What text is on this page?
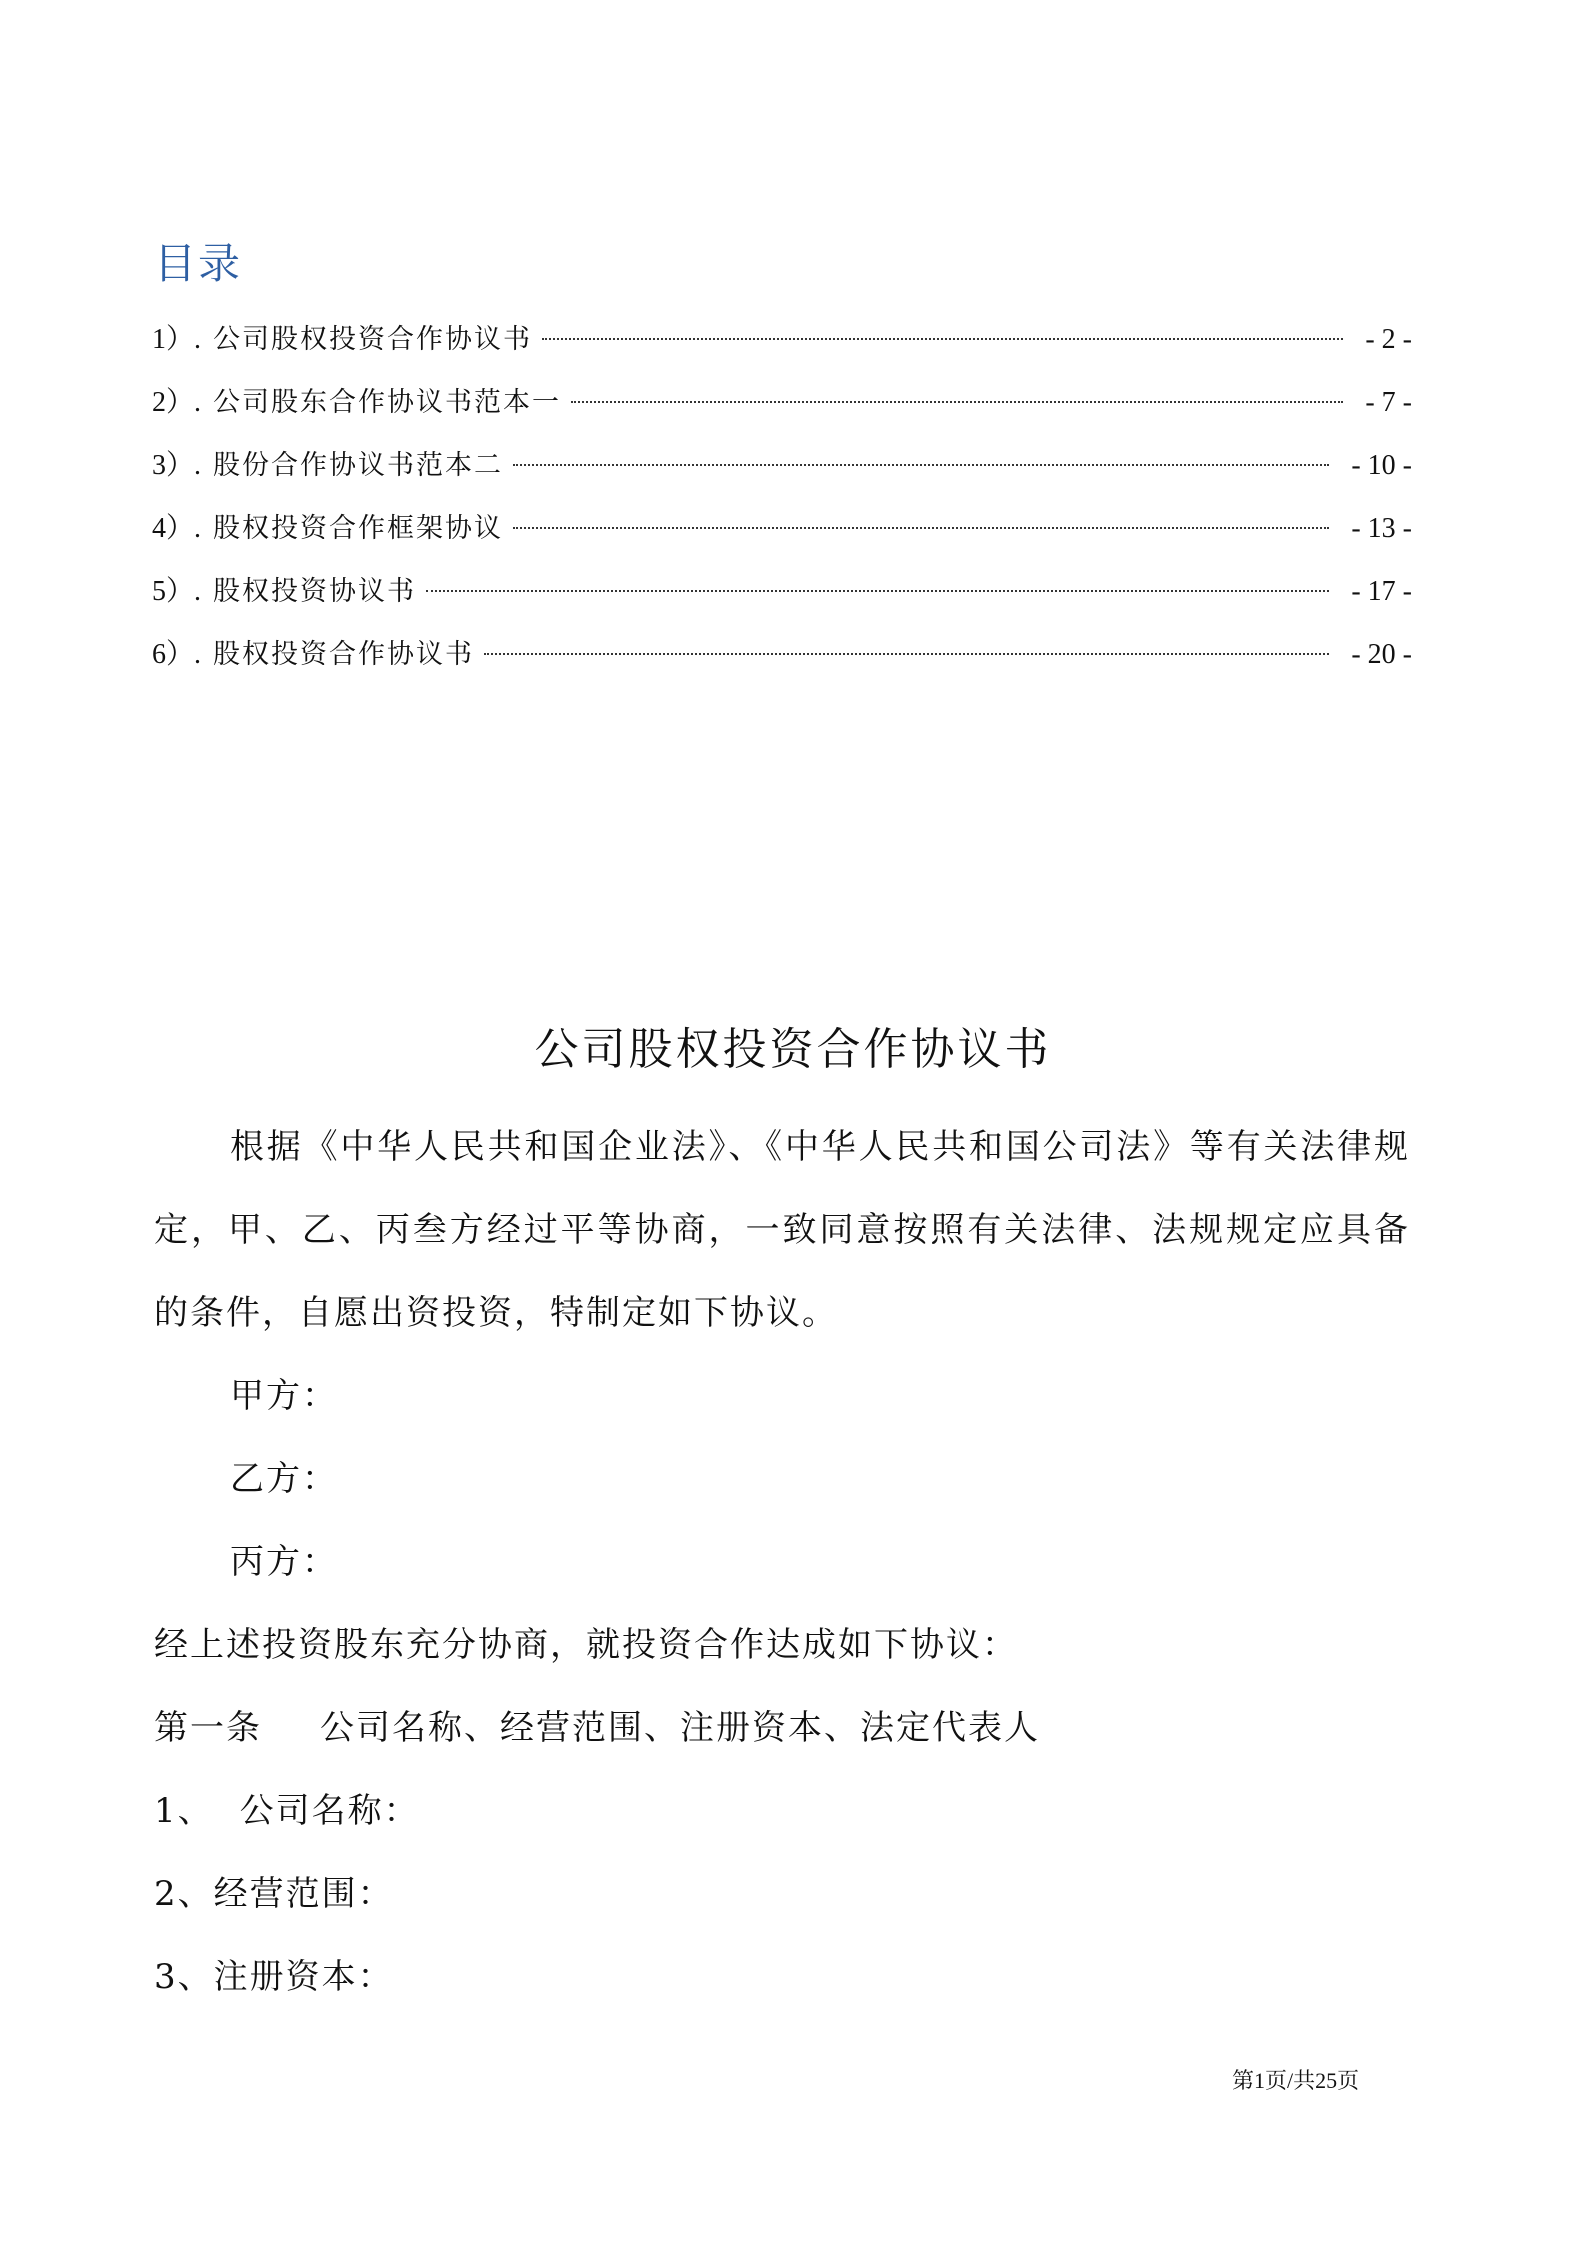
目录
1）. 公司股权投资合作协议书	- 2 -
2）. 公司股东合作协议书范本一	- 7 -
3）. 股份合作协议书范本二	- 10 -
4）. 股权投资合作框架协议	- 13 -
5）. 股权投资协议书	- 17 -
6）. 股权投资合作协议书	- 20 -
公司股权投资合作协议书
根据《中华人民共和国企业法》、《中华人民共和国公司法》等有关法律规定，甲、乙、丙叁方经过平等协商，一致同意按照有关法律、法规规定应具备的条件，自愿出资投资，特制定如下协议。
甲方：
乙方：
丙方：
经上述投资股东充分协商，就投资合作达成如下协议：
第一条 公司名称、经营范围、注册资本、法定代表人
1、 公司名称：
2、经营范围：
3、注册资本：
第1页/共25页
